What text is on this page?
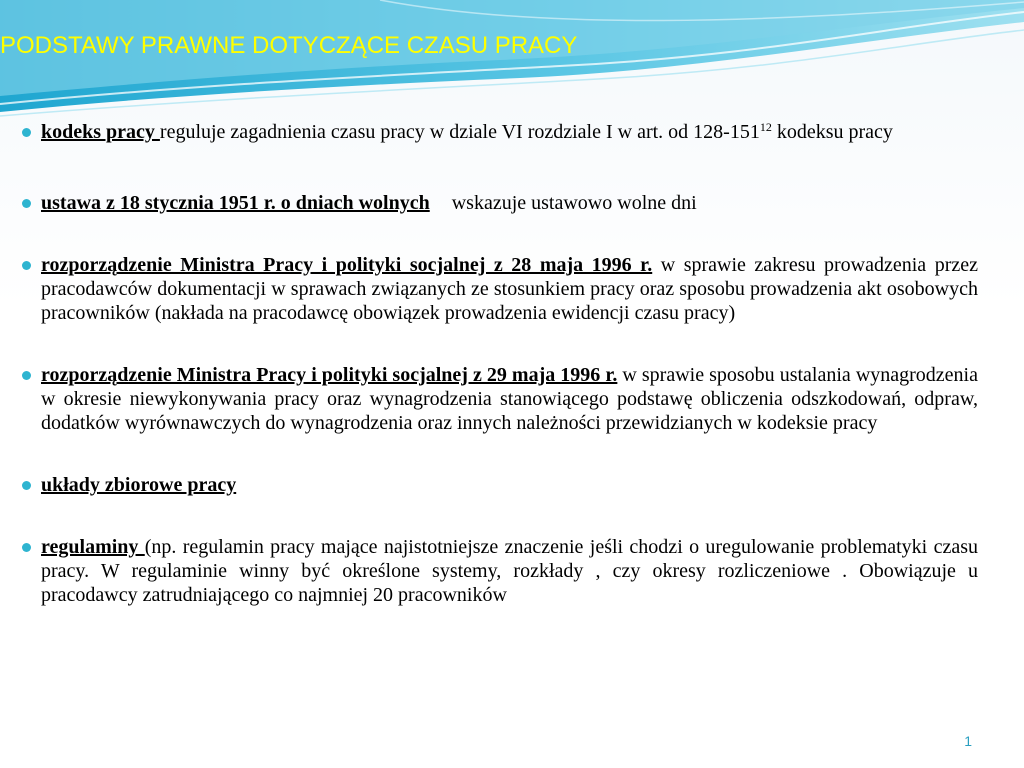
PODSTAWY PRAWNE DOTYCZĄCE CZASU PRACY
kodeks pracy reguluje zagadnienia czasu pracy w dziale VI rozdziale I w art. od $128-151^{12}$ kodeksu pracy
ustawa z 18 stycznia 1951 r. o dniach wolnych wskazuje ustawowo wolne dni
rozporządzenie Ministra Pracy i polityki socjalnej z 28 maja 1996 r. w sprawie zakresu prowadzenia przez pracodawców dokumentacji w sprawach związanych ze stosunkiem pracy oraz sposobu prowadzenia akt osobowych pracowników (nakłada na pracodawcę obowiązek prowadzenia ewidencji czasu pracy)
rozporządzenie Ministra Pracy i polityki socjalnej z 29 maja 1996 r. w sprawie sposobu ustalania wynagrodzenia w okresie niewykonywania pracy oraz wynagrodzenia stanowiącego podstawę obliczenia odszkodowań, odpraw, dodatków wyrównawczych do wynagrodzenia oraz innych należności przewidzianych w kodeksie pracy
układy zbiorowe pracy
regulaminy (np. regulamin pracy mające najistotniejsze znaczenie jeśli chodzi o uregulowanie problematyki czasu pracy. W regulaminie winny być określone systemy, rozkłady , czy okresy rozliczeniowe . Obowiązuje u pracodawcy zatrudniającego co najmniej 20 pracowników
1
